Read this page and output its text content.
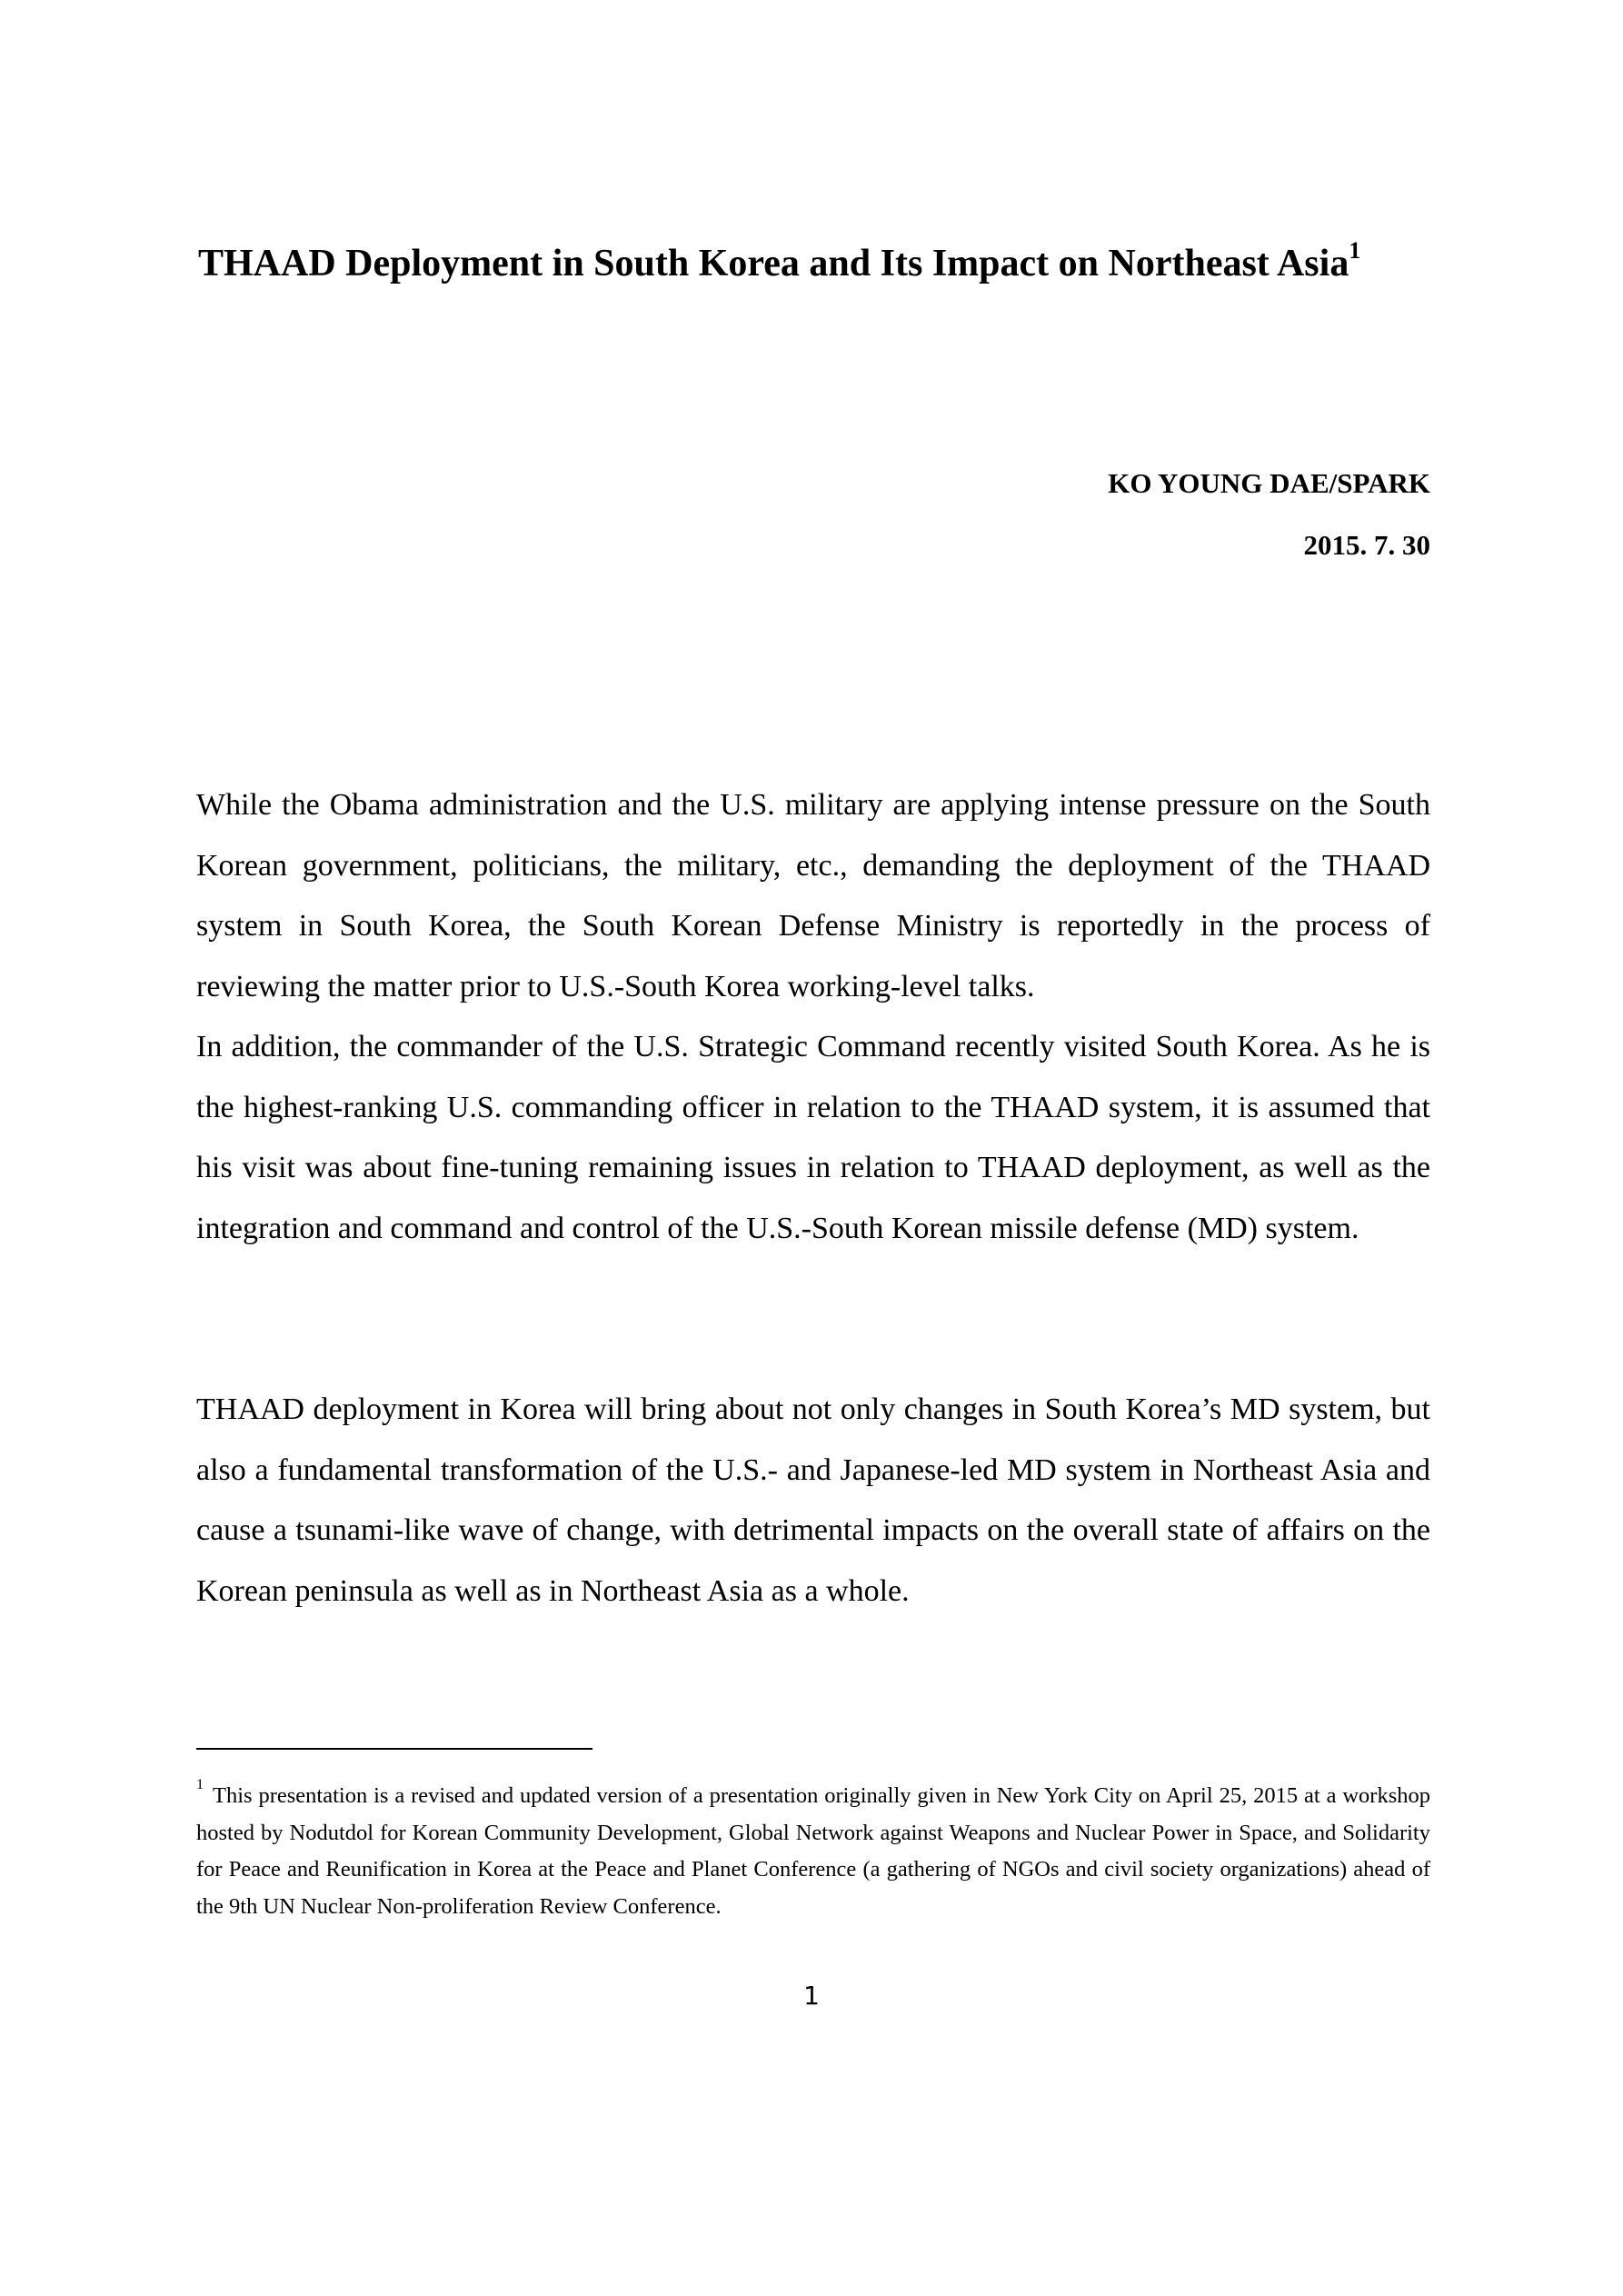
THAAD Deployment in South Korea and Its Impact on Northeast Asia$^1$
KO YOUNG DAE/SPARK
2015. 7. 30

While the Obama administration and the U.S. military are applying intense pressure on the South Korean government, politicians, the military, etc., demanding the deployment of the THAAD system in South Korea, the South Korean Defense Ministry is reportedly in the process of reviewing the matter prior to U.S.-South Korea working-level talks.

In addition, the commander of the U.S. Strategic Command recently visited South Korea. As he is the highest-ranking U.S. commanding officer in relation to the THAAD system, it is assumed that his visit was about fine-tuning remaining issues in relation to THAAD deployment, as well as the integration and command and control of the U.S.-South Korean missile defense (MD) system.

THAAD deployment in Korea will bring about not only changes in South Korea’s MD system, but also a fundamental transformation of the U.S.- and Japanese-led MD system in Northeast Asia and cause a tsunami-like wave of change, with detrimental impacts on the overall state of affairs on the Korean peninsula as well as in Northeast Asia as a whole.

$^1$ This presentation is a revised and updated version of a presentation originally given in New York City on April 25, 2015 at a workshop hosted by Nodutdol for Korean Community Development, Global Network against Weapons and Nuclear Power in Space, and Solidarity for Peace and Reunification in Korea at the Peace and Planet Conference (a gathering of NGOs and civil society organizations) ahead of the 9th UN Nuclear Non-proliferation Review Conference.

1
